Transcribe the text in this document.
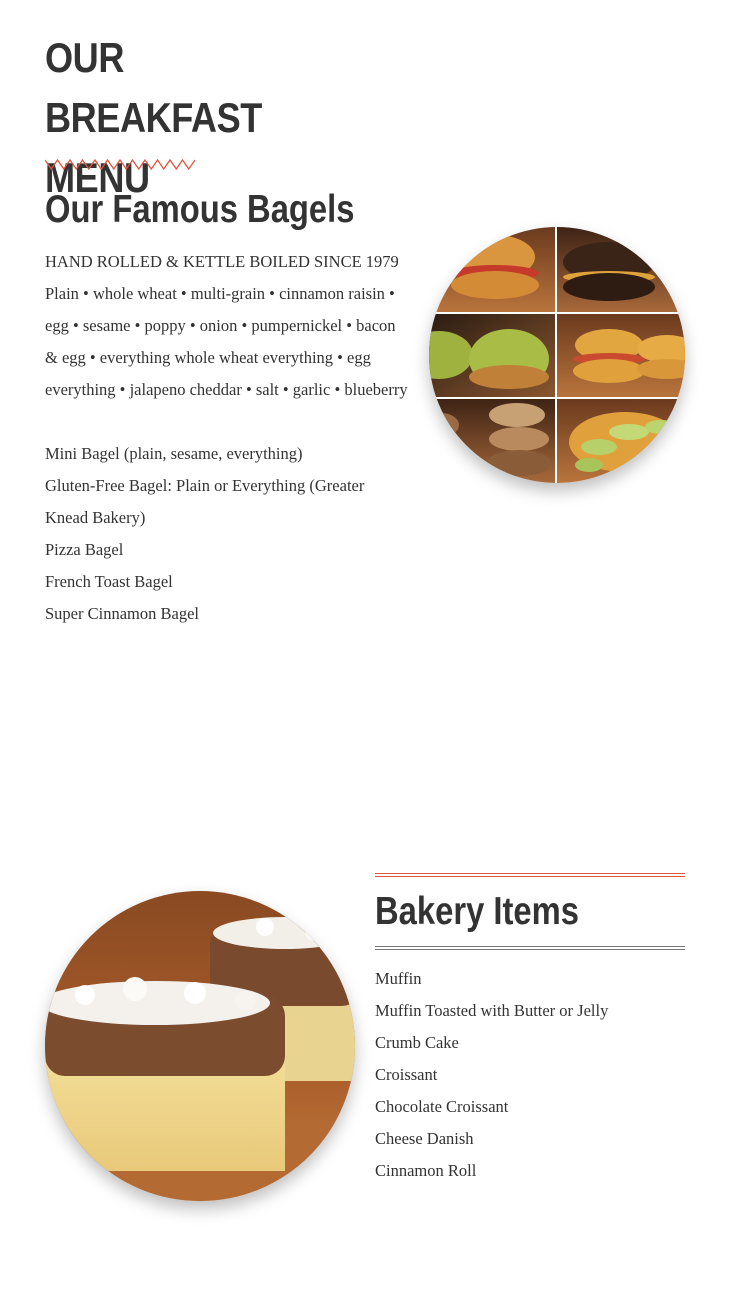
OUR BREAKFAST MENU
Our Famous Bagels

HAND ROLLED & KETTLE BOILED SINCE 1979

Plain • whole wheat • multi-grain • cinnamon raisin • egg • sesame • poppy • onion • pumpernickel • bacon & egg • everything whole wheat everything • egg everything • jalapeno cheddar • salt • garlic • blueberry

Mini Bagel (plain, sesame, everything)

Gluten-Free Bagel: Plain or Everything (Greater Knead Bakery)

Pizza Bagel

French Toast Bagel

Super Cinnamon Bagel

Bakery Items
Muffin
Muffin Toasted with Butter or Jelly
Crumb Cake
Croissant
Chocolate Croissant
Cheese Danish
Cinnamon Roll
